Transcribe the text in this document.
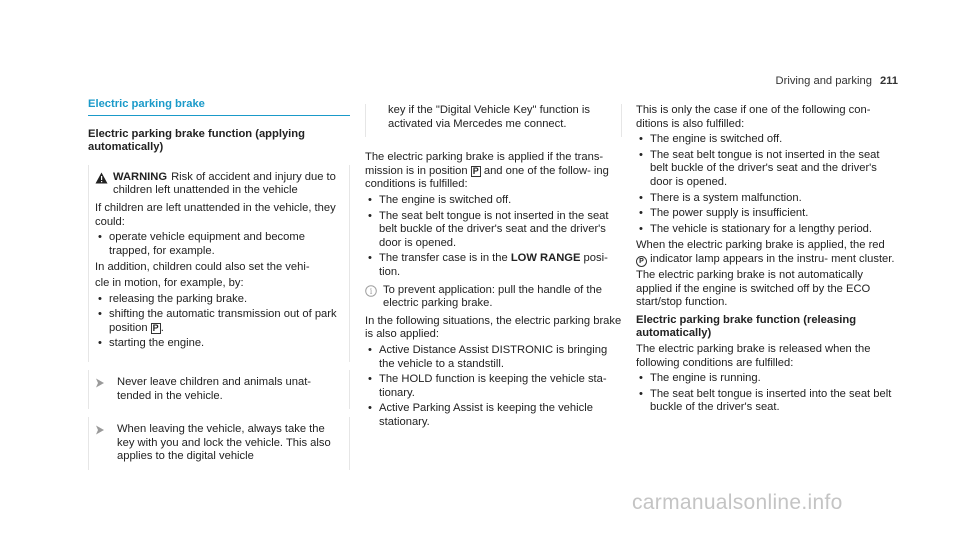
Driving and parking 211
Electric parking brake
Electric parking brake function (applying automatically)
WARNING Risk of accident and injury due to children left unattended in the vehicle

If children are left unattended in the vehicle, they could:

• operate vehicle equipment and become trapped, for example.

In addition, children could also set the vehi-

cle in motion, for example, by:

• releasing the parking brake.
• shifting the automatic transmission out of park position P .
• starting the engine.
Never leave children and animals unat- tended in the vehicle.
When leaving the vehicle, always take the key with you and lock the vehicle. This also applies to the digital vehicle
key if the "Digital Vehicle Key" function is activated via Mercedes me connect.

The electric parking brake is applied if the trans- mission is in position P and one of the follow- ing conditions is fulfilled:

• The engine is switched off.
• The seat belt tongue is not inserted in the seat belt buckle of the driver's seat and the driver's door is opened.
• The transfer case is in the LOW RANGE posi- tion.
i To prevent application: pull the handle of the electric parking brake.

In the following situations, the electric parking brake is also applied:

• Active Distance Assist DISTRONIC is bringing the vehicle to a standstill.
• The HOLD function is keeping the vehicle sta- tionary.
• Active Parking Assist is keeping the vehicle stationary.

This is only the case if one of the following con- ditions is also fulfilled:

• The engine is switched off.
• The seat belt tongue is not inserted in the seat belt buckle of the driver's seat and the driver's door is opened.
• There is a system malfunction.
• The power supply is insufficient.
• The vehicle is stationary for a lengthy period.

When the electric parking brake is applied, the red P indicator lamp appears in the instru- ment cluster.

The electric parking brake is not automatically applied if the engine is switched off by the ECO start/stop function.

Electric parking brake function (releasing automatically)

The electric parking brake is released when the following conditions are fulfilled:

• The engine is running.
• The seat belt tongue is inserted into the seat belt buckle of the driver's seat.
carmanualsonline.info
